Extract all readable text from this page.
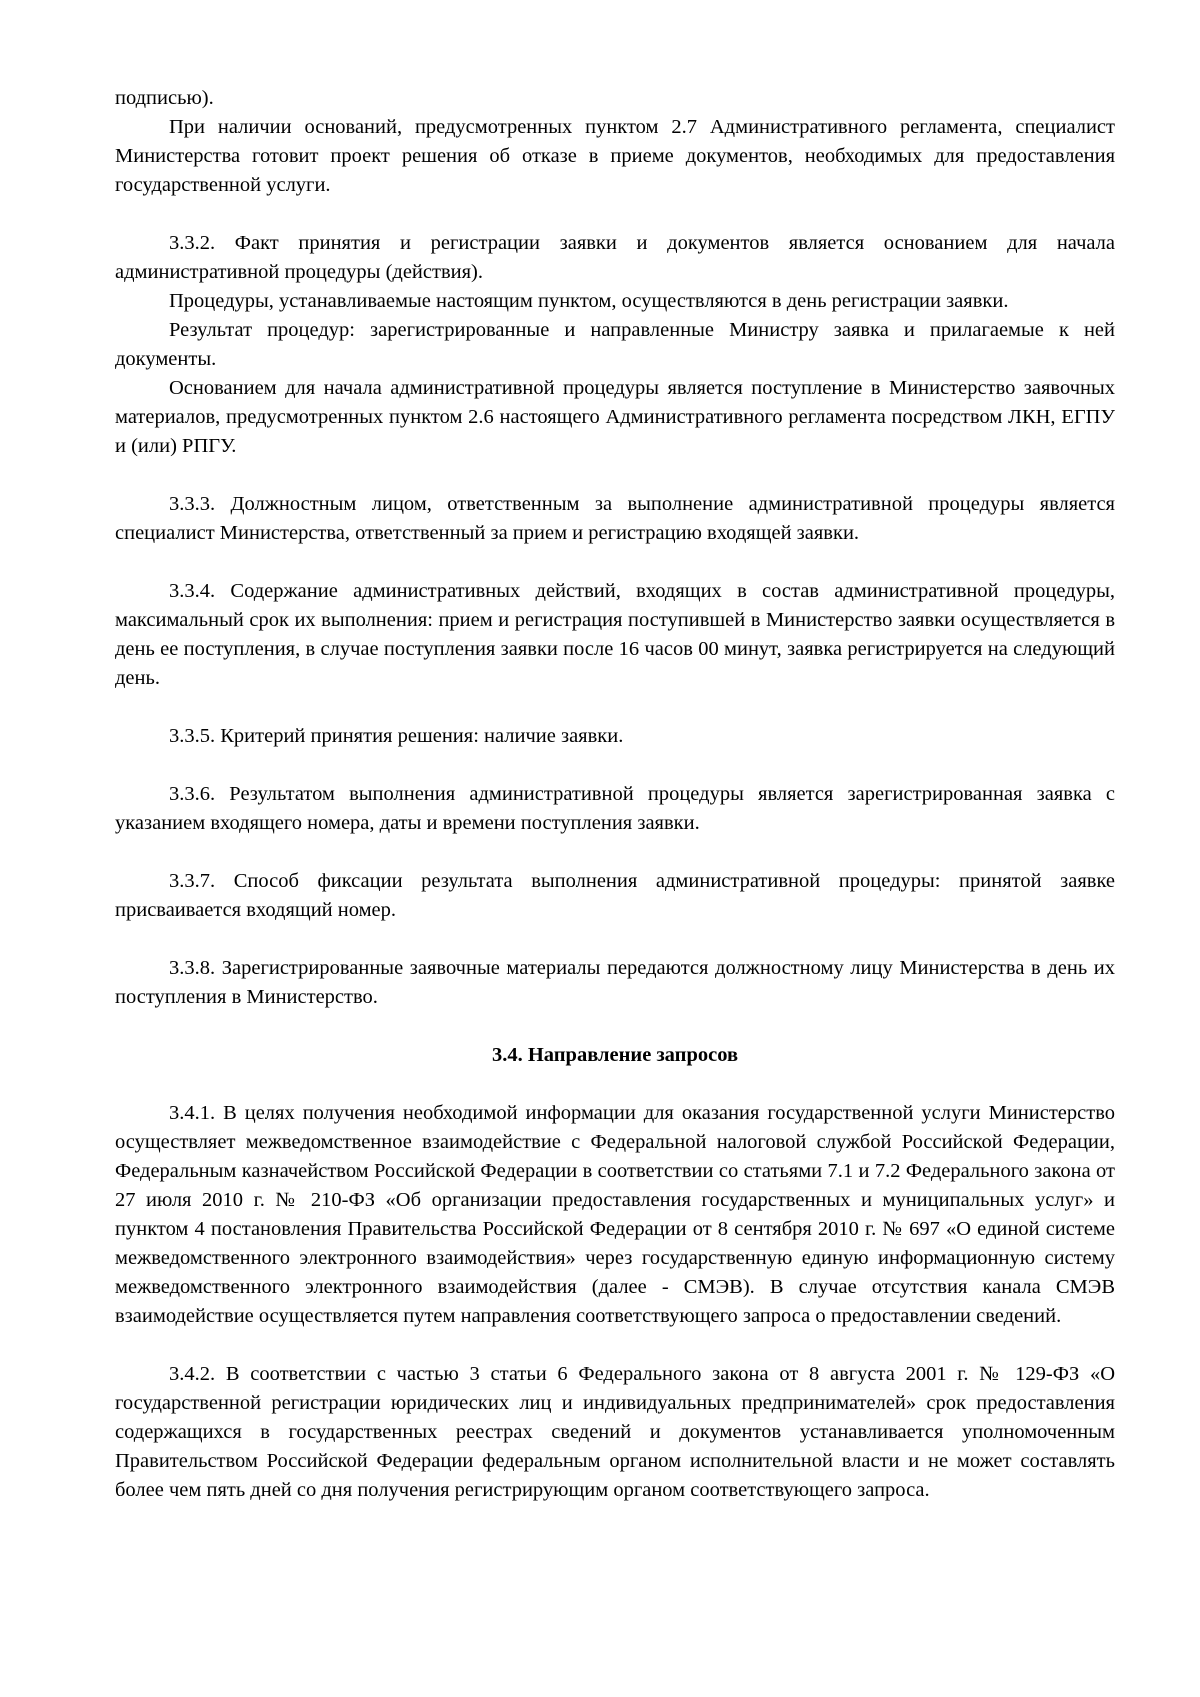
подписью).

При наличии оснований, предусмотренных пунктом 2.7 Административного регламента, специалист Министерства готовит проект решения об отказе в приеме документов, необходимых для предоставления государственной услуги.

3.3.2. Факт принятия и регистрации заявки и документов является основанием для начала административной процедуры (действия).

Процедуры, устанавливаемые настоящим пунктом, осуществляются в день регистрации заявки.

Результат процедур: зарегистрированные и направленные Министру заявка и прилагаемые к ней документы.

Основанием для начала административной процедуры является поступление в Министерство заявочных материалов, предусмотренных пунктом 2.6 настоящего Административного регламента посредством ЛКН, ЕГПУ и (или) РПГУ.

3.3.3. Должностным лицом, ответственным за выполнение административной процедуры является специалист Министерства, ответственный за прием и регистрацию входящей заявки.

3.3.4. Содержание административных действий, входящих в состав административной процедуры, максимальный срок их выполнения: прием и регистрация поступившей в Министерство заявки осуществляется в день ее поступления, в случае поступления заявки после 16 часов 00 минут, заявка регистрируется на следующий день.

3.3.5. Критерий принятия решения: наличие заявки.

3.3.6. Результатом выполнения административной процедуры является зарегистрированная заявка с указанием входящего номера, даты и времени поступления заявки.

3.3.7. Способ фиксации результата выполнения административной процедуры: принятой заявке присваивается входящий номер.

3.3.8. Зарегистрированные заявочные материалы передаются должностному лицу Министерства в день их поступления в Министерство.

3.4. Направление запросов

3.4.1. В целях получения необходимой информации для оказания государственной услуги Министерство осуществляет межведомственное взаимодействие с Федеральной налоговой службой Российской Федерации, Федеральным казначейством Российской Федерации в соответствии со статьями 7.1 и 7.2 Федерального закона от 27 июля 2010 г. № 210-ФЗ «Об организации предоставления государственных и муниципальных услуг» и пунктом 4 постановления Правительства Российской Федерации от 8 сентября 2010 г. № 697 «О единой системе межведомственного электронного взаимодействия» через государственную единую информационную систему межведомственного электронного взаимодействия (далее - СМЭВ). В случае отсутствия канала СМЭВ взаимодействие осуществляется путем направления соответствующего запроса о предоставлении сведений.

3.4.2. В соответствии с частью 3 статьи 6 Федерального закона от 8 августа 2001 г. № 129-ФЗ «О государственной регистрации юридических лиц и индивидуальных предпринимателей» срок предоставления содержащихся в государственных реестрах сведений и документов устанавливается уполномоченным Правительством Российской Федерации федеральным органом исполнительной власти и не может составлять более чем пять дней со дня получения регистрирующим органом соответствующего запроса.
